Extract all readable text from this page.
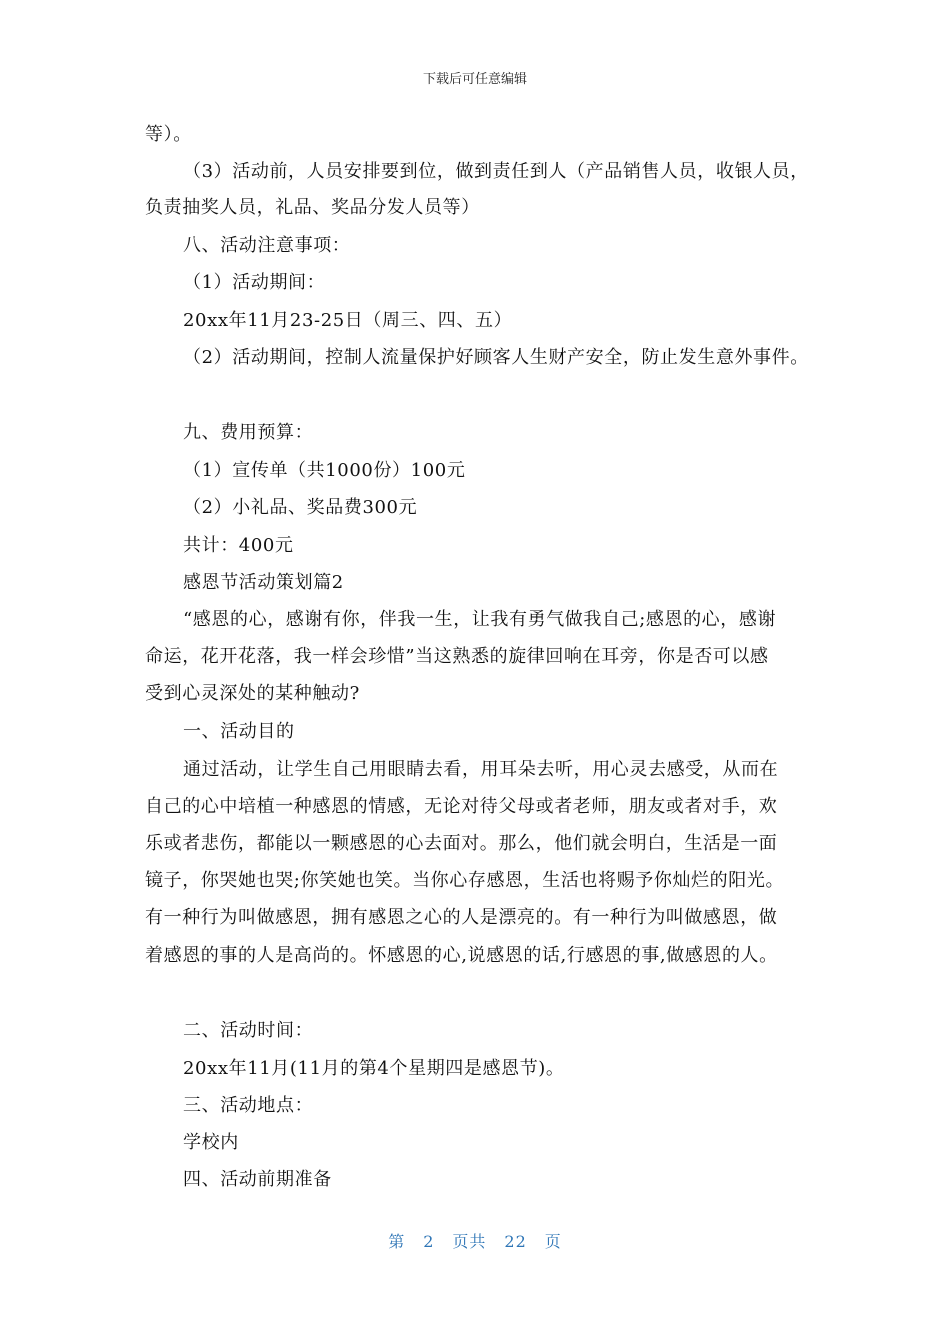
下载后可任意编辑
等）。
（3）活动前，人员安排要到位，做到责任到人（产品销售人员，收银人员，
负责抽奖人员，礼品、奖品分发人员等）
八、活动注意事项：
（1）活动期间：
20xx年11月23-25日（周三、四、五）
（2）活动期间，控制人流量保护好顾客人生财产安全，防止发生意外事件。
九、费用预算：
（1）宣传单（共1000份）100元
（2）小礼品、奖品费300元
共计：400元
感恩节活动策划篇2
“感恩的心，感谢有你，伴我一生，让我有勇气做我自己;感恩的心，感谢
命运，花开花落，我一样会珍惜”当这熟悉的旋律回响在耳旁，你是否可以感
受到心灵深处的某种触动?
一、活动目的
通过活动，让学生自己用眼睛去看，用耳朵去听，用心灵去感受，从而在
自己的心中培植一种感恩的情感，无论对待父母或者老师，朋友或者对手，欢
乐或者悲伤，都能以一颗感恩的心去面对。那么，他们就会明白，生活是一面
镜子，你哭她也哭;你笑她也笑。当你心存感恩，生活也将赐予你灿烂的阳光。
有一种行为叫做感恩，拥有感恩之心的人是漂亮的。有一种行为叫做感恩，做
着感恩的事的人是高尚的。怀感恩的心,说感恩的话,行感恩的事,做感恩的人。
二、活动时间：
20xx年11月(11月的第4个星期四是感恩节)。
三、活动地点：
学校内
四、活动前期准备
第 2 页共 22 页
